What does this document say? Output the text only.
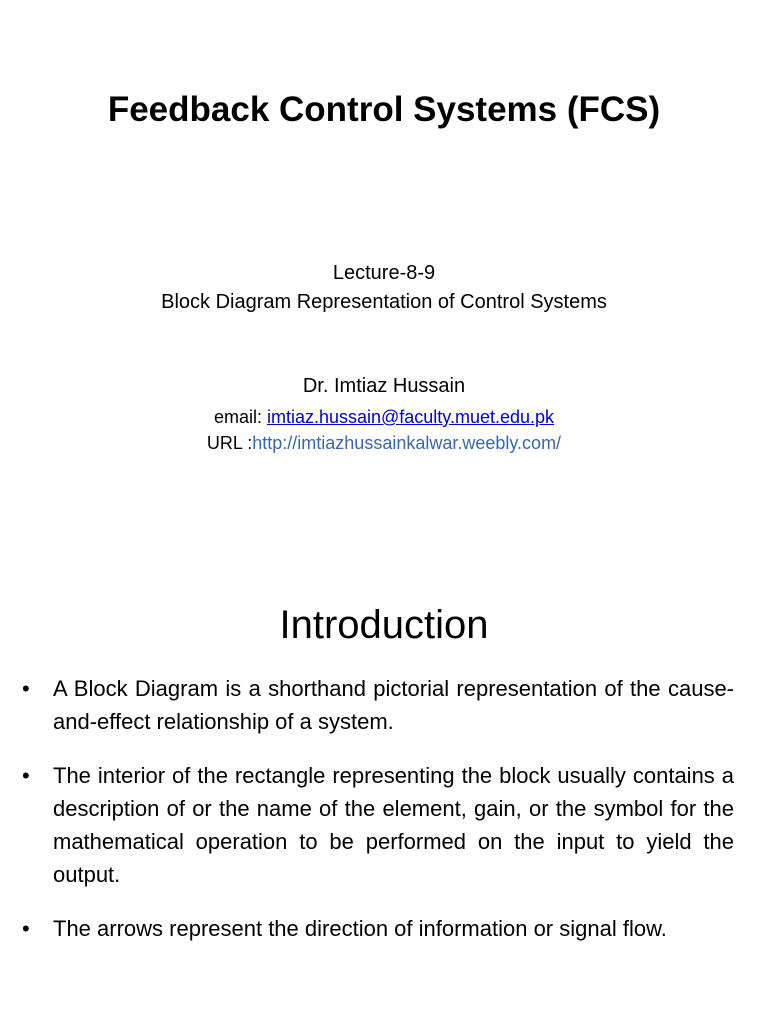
Feedback Control Systems (FCS)
Lecture-8-9
Block Diagram Representation of Control Systems
Dr. Imtiaz Hussain
email: imtiaz.hussain@faculty.muet.edu.pk
URL :http://imtiazhussainkalwar.weebly.com/
Introduction
• A Block Diagram is a shorthand pictorial representation of the cause-and-effect relationship of a system.
• The interior of the rectangle representing the block usually contains a description of or the name of the element, gain, or the symbol for the mathematical operation to be performed on the input to yield the output.
• The arrows represent the direction of information or signal flow.
